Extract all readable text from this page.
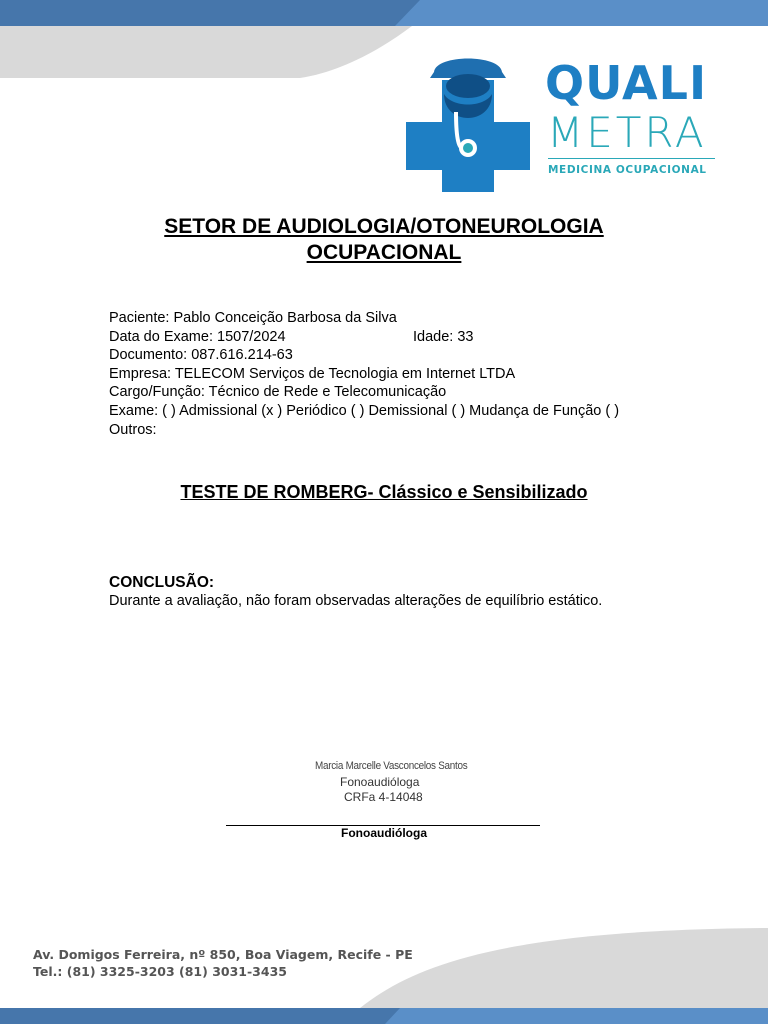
QUALI
METRA
MEDICINA OCUPACIONAL
SETOR DE AUDIOLOGIA/OTONEUROLOGIA
OCUPACIONAL
Paciente: Pablo Conceição Barbosa da Silva
Data do Exame: 1507/2024	Idade: 33
Documento: 087.616.214-63
Empresa: TELECOM Serviços de Tecnologia em Internet LTDA
Cargo/Função: Técnico de Rede e Telecomunicação
Exame: ( ) Admissional (x ) Periódico ( ) Demissional ( ) Mudança de Função ( )
Outros:
TESTE DE ROMBERG- Clássico e Sensibilizado
CONCLUSÃO:
Durante a avaliação, não foram observadas alterações de equilíbrio estático.
Marcia Marcelle Vasconcelos Santos
Fonoaudióloga
CRFa 4-14048
Fonoaudióloga
Av. Domigos Ferreira, nº 850, Boa Viagem, Recife - PE
Tel.: (81) 3325-3203 (81) 3031-3435
